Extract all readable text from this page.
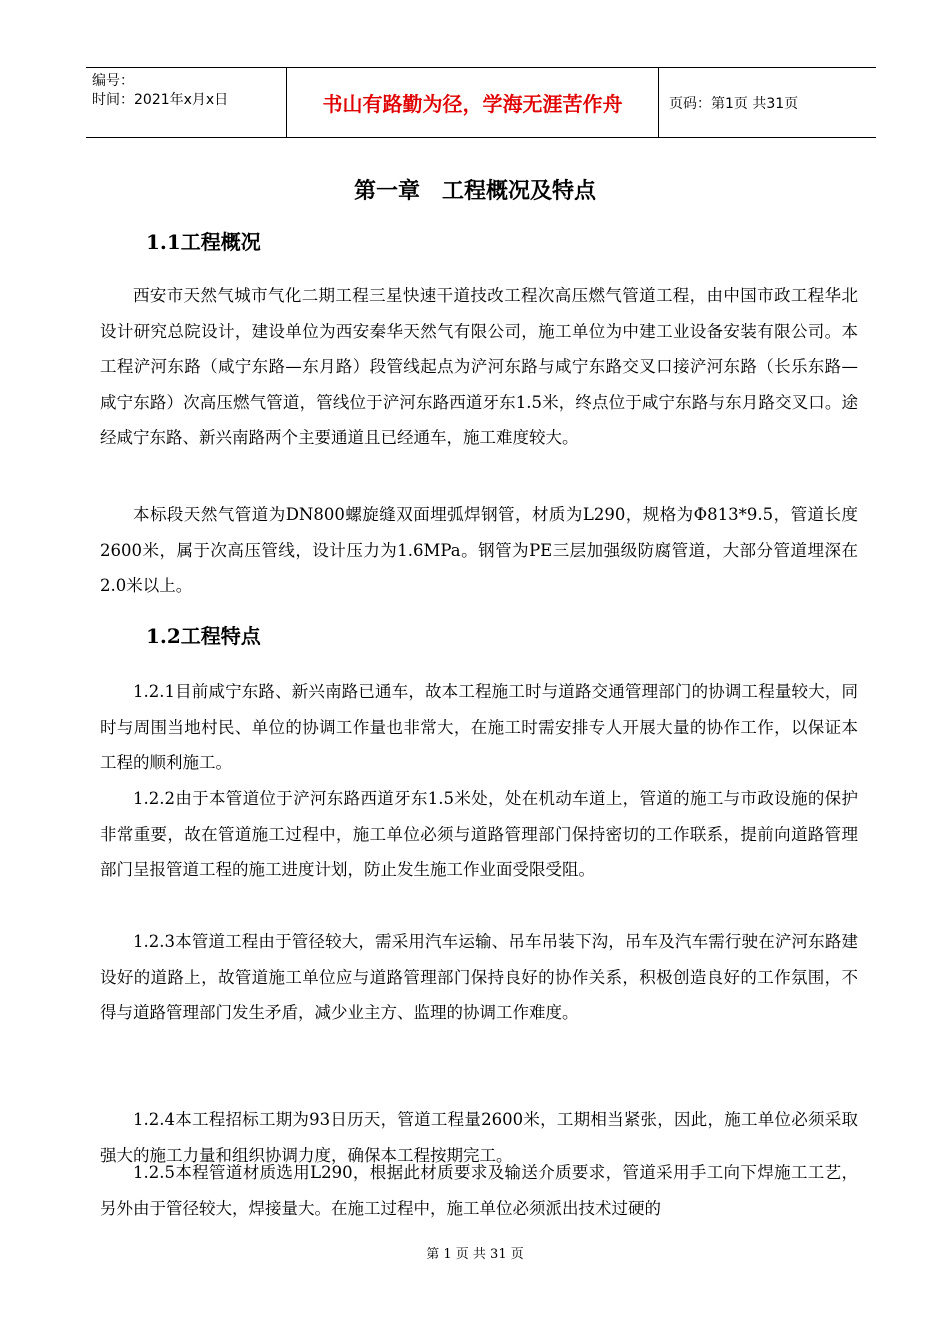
编号：
时间：2021年x月x日	书山有路勤为径，学海无涯苦作舟	页码：第1页 共31页
第一章　工程概况及特点
1.1工程概况

西安市天然气城市气化二期工程三星快速干道技改工程次高压燃气管道工程，由中国市政工程华北设计研究总院设计，建设单位为西安秦华天然气有限公司，施工单位为中建工业设备安装有限公司。本工程浐河东路（咸宁东路—东月路）段管线起点为浐河东路与咸宁东路交叉口接浐河东路（长乐东路—咸宁东路）次高压燃气管道，管线位于浐河东路西道牙东1.5米，终点位于咸宁东路与东月路交叉口。途经咸宁东路、新兴南路两个主要通道且已经通车，施工难度较大。

本标段天然气管道为DN800螺旋缝双面埋弧焊钢管，材质为L290，规格为Φ813*9.5，管道长度2600米，属于次高压管线，设计压力为1.6MPa。钢管为PE三层加强级防腐管道，大部分管道埋深在2.0米以上。

1.2工程特点

1.2.1目前咸宁东路、新兴南路已通车，故本工程施工时与道路交通管理部门的协调工程量较大，同时与周围当地村民、单位的协调工作量也非常大，在施工时需安排专人开展大量的协作工作，以保证本工程的顺利施工。

1.2.2由于本管道位于浐河东路西道牙东1.5米处，处在机动车道上，管道的施工与市政设施的保护非常重要，故在管道施工过程中，施工单位必须与道路管理部门保持密切的工作联系，提前向道路管理部门呈报管道工程的施工进度计划，防止发生施工作业面受限受阻。

1.2.3本管道工程由于管径较大，需采用汽车运输、吊车吊装下沟，吊车及汽车需行驶在浐河东路建设好的道路上，故管道施工单位应与道路管理部门保持良好的协作关系，积极创造良好的工作氛围，不得与道路管理部门发生矛盾，减少业主方、监理的协调工作难度。

1.2.4本工程招标工期为93日历天，管道工程量2600米，工期相当紧张，因此，施工单位必须采取强大的施工力量和组织协调力度，确保本工程按期完工。

1.2.5本程管道材质选用L290，根据此材质要求及输送介质要求，管道采用手工向下焊施工工艺，另外由于管径较大，焊接量大。在施工过程中，施工单位必须派出技术过硬的

第 1 页 共 31 页
